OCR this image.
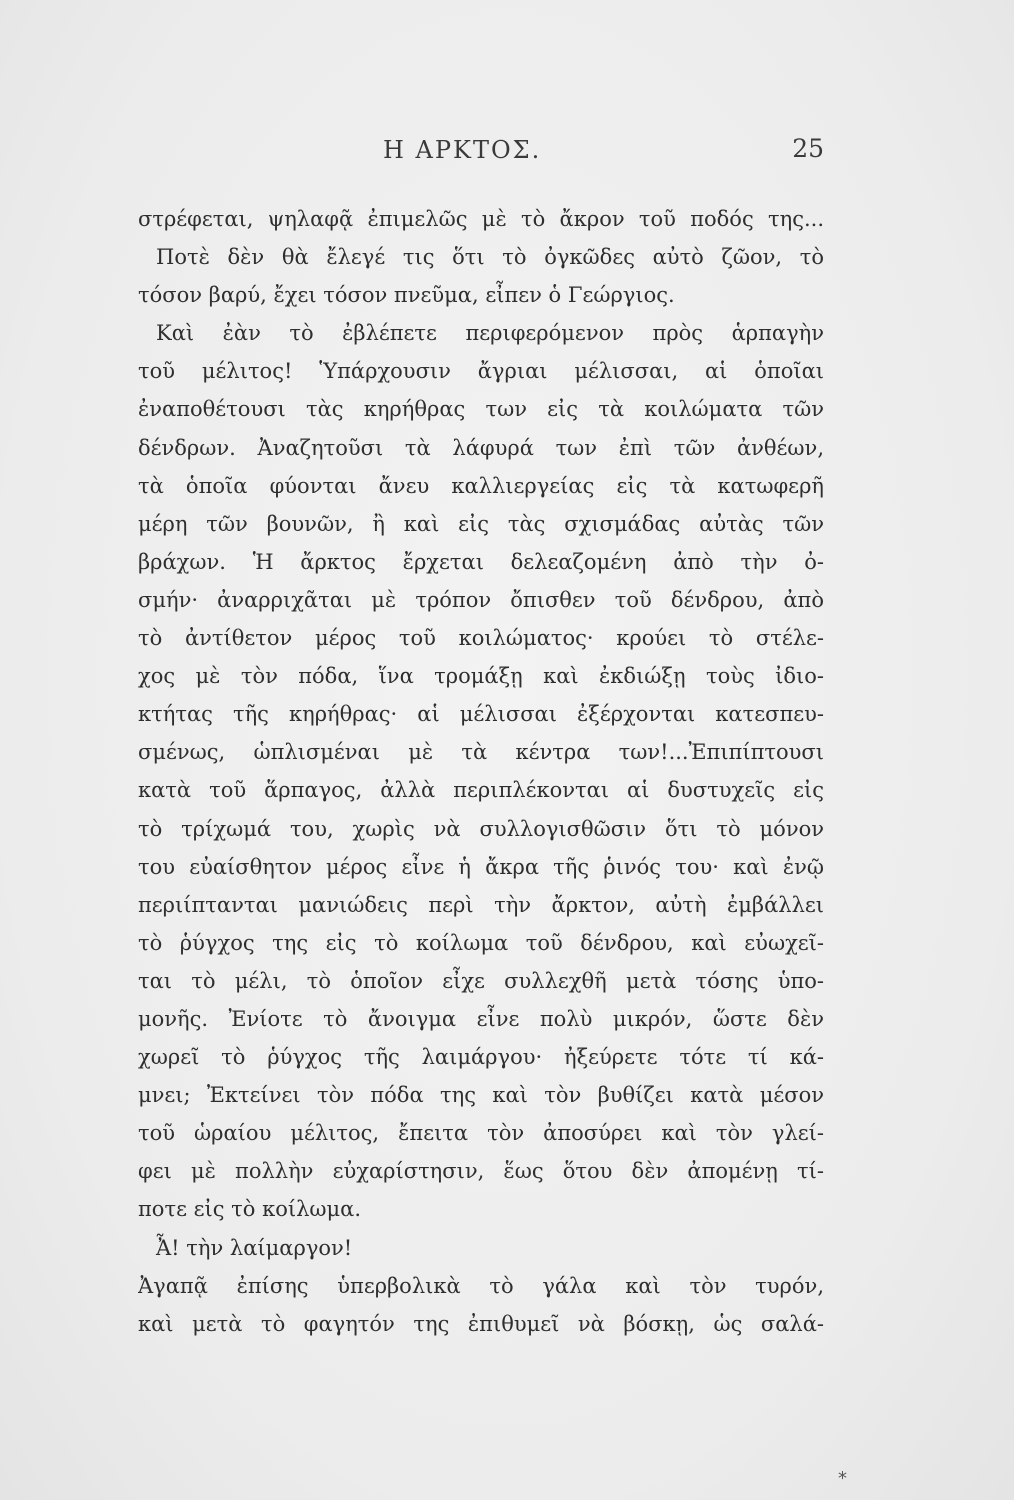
Η ΑΡΚΤΟΣ.	25
στρέφεται, ψηλαφᾷ ἐπιμελῶς μὲ τὸ ἄκρον τοῦ ποδός της...
Ποτὲ δὲν θὰ ἔλεγέ τις ὅτι τὸ ὀγκῶδες αὐτὸ ζῶον, τὸ
τόσον βαρύ, ἔχει τόσον πνεῦμα, εἶπεν ὁ Γεώργιος.
Καὶ ἐὰν τὸ ἐβλέπετε περιφερόμενον πρὸς ἁρπαγὴν
τοῦ μέλιτος! Ὑπάρχουσιν ἄγριαι μέλισσαι, αἱ ὁποῖαι
ἐναποθέτουσι τὰς κηρήθρας των εἰς τὰ κοιλώματα τῶν
δένδρων. Ἀναζητοῦσι τὰ λάφυρά των ἐπὶ τῶν ἀνθέων,
τὰ ὁποῖα φύονται ἄνευ καλλιεργείας εἰς τὰ κατωφερῆ
μέρη τῶν βουνῶν, ἢ καὶ εἰς τὰς σχισμάδας αὐτὰς τῶν
βράχων. Ἡ ἄρκτος ἔρχεται δελεαζομένη ἀπὸ τὴν ὀ-
σμήν· ἀναρριχᾶται μὲ τρόπον ὄπισθεν τοῦ δένδρου, ἀπὸ
τὸ ἀντίθετον μέρος τοῦ κοιλώματος· κρούει τὸ στέλε-
χος μὲ τὸν πόδα, ἵνα τρομάξῃ καὶ ἐκδιώξῃ τοὺς ἰδιο-
κτήτας τῆς κηρήθρας· αἱ μέλισσαι ἐξέρχονται κατεσπευ-
σμένως, ὡπλισμέναι μὲ τὰ κέντρα των!...Ἐπιπίπτουσι
κατὰ τοῦ ἅρπαγος, ἀλλὰ περιπλέκονται αἱ δυστυχεῖς εἰς
τὸ τρίχωμά του, χωρὶς νὰ συλλογισθῶσιν ὅτι τὸ μόνον
του εὐαίσθητον μέρος εἶνε ἡ ἄκρα τῆς ῥινός του· καὶ ἐνῷ
περιίπτανται μανιώδεις περὶ τὴν ἄρκτον, αὐτὴ ἐμβάλλει
τὸ ῥύγχος της εἰς τὸ κοίλωμα τοῦ δένδρου, καὶ εὐωχεῖ-
ται τὸ μέλι, τὸ ὁποῖον εἶχε συλλεχθῆ μετὰ τόσης ὑπο-
μονῆς. Ἐνίοτε τὸ ἄνοιγμα εἶνε πολὺ μικρόν, ὥστε δὲν
χωρεῖ τὸ ῥύγχος τῆς λαιμάργου· ἠξεύρετε τότε τί κά-
μνει; Ἐκτείνει τὸν πόδα της καὶ τὸν βυθίζει κατὰ μέσον
τοῦ ὡραίου μέλιτος, ἔπειτα τὸν ἀποσύρει καὶ τὸν γλεί-
φει μὲ πολλὴν εὐχαρίστησιν, ἕως ὅτου δὲν ἀπομένῃ τί-
ποτε εἰς τὸ κοίλωμα.
Ἆ! τὴν λαίμαργον!
Ἀγαπᾷ ἐπίσης ὑπερβολικὰ τὸ γάλα καὶ τὸν τυρόν,
καὶ μετὰ τὸ φαγητόν της ἐπιθυμεῖ νὰ βόσκῃ, ὡς σαλά-
*
